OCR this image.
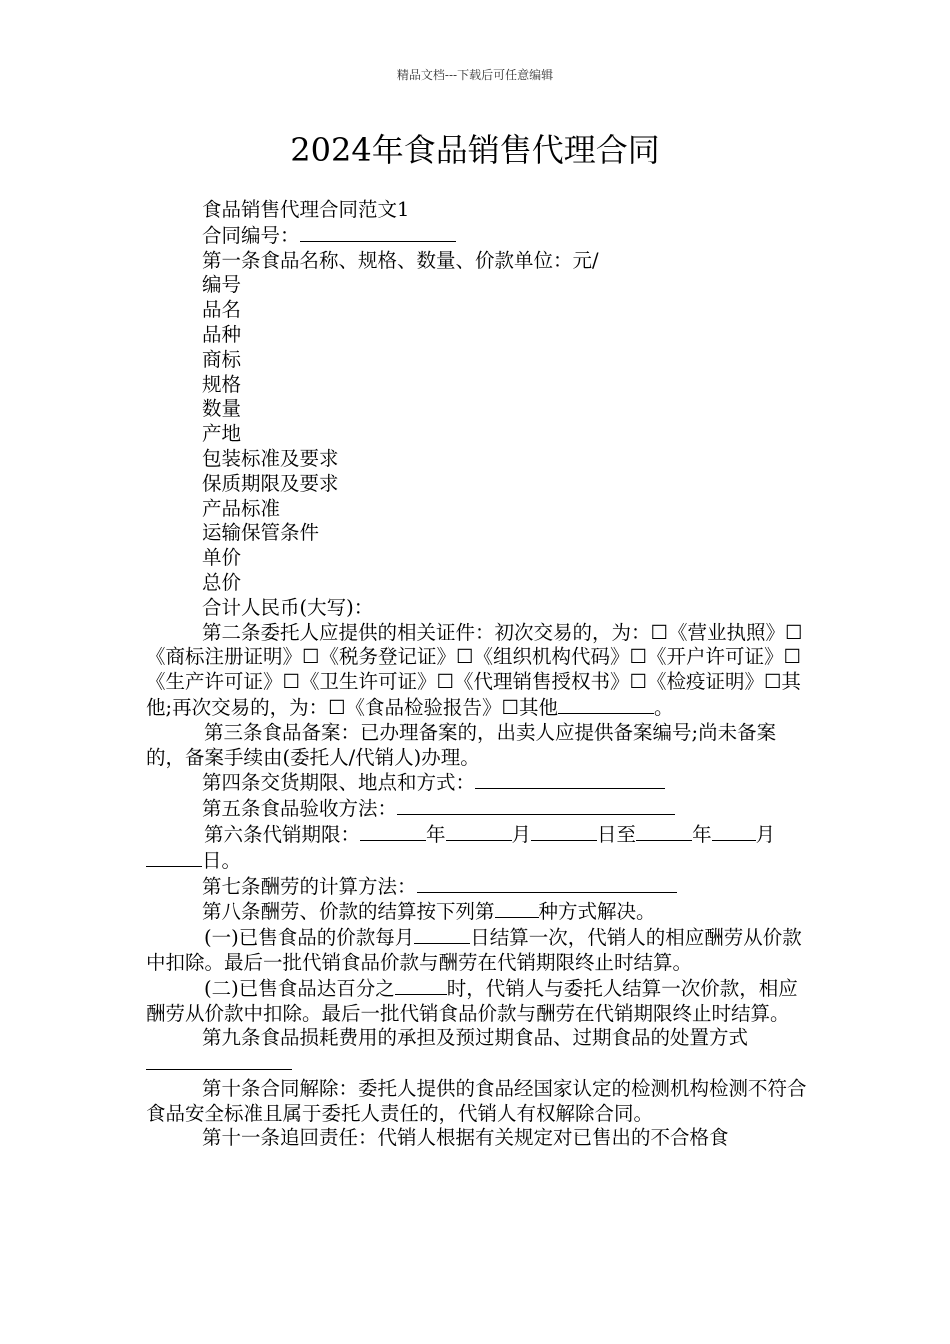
精品文档---下载后可任意编辑
2024年食品销售代理合同

食品销售代理合同范文1

合同编号：

第一条食品名称、规格、数量、价款单位：元/

编号

品名

品种

商标

规格

数量

产地

包装标准及要求

保质期限及要求

产品标准

运输保管条件

单价

总价

合计人民币(大写)：

第二条委托人应提供的相关证件：初次交易的，为：☐《营业执照》☐《商标注册证明》☐《税务登记证》☐《组织机构代码》☐《开户许可证》☐《生产许可证》☐《卫生许可证》☐《代理销售授权书》☐《检疫证明》☐其他;再次交易的，为：☐《食品检验报告》☐其他	。

第三条食品备案：已办理备案的，出卖人应提供备案编号;尚未备案的，备案手续由(委托人/代销人)办理。

第四条交货期限、地点和方式：

第五条食品验收方法：

第六条代销期限：	年	月	日至	年 月日。

第七条酬劳的计算方法：

第八条酬劳、价款的结算按下列第 种方式解决。

(一)已售食品的价款每月	日结算一次，代销人的相应酬劳从价款中扣除。最后一批代销食品价款与酬劳在代销期限终止时结算。

(二)已售食品达百分之	时，代销人与委托人结算一次价款，相应酬劳从价款中扣除。最后一批代销食品价款与酬劳在代销期限终止时结算。

第九条食品损耗费用的承担及预过期食品、过期食品的处置方式

第十条合同解除：委托人提供的食品经国家认定的检测机构检测不符合食品安全标准且属于委托人责任的，代销人有权解除合同。

第十一条追回责任：代销人根据有关规定对已售出的不合格食
